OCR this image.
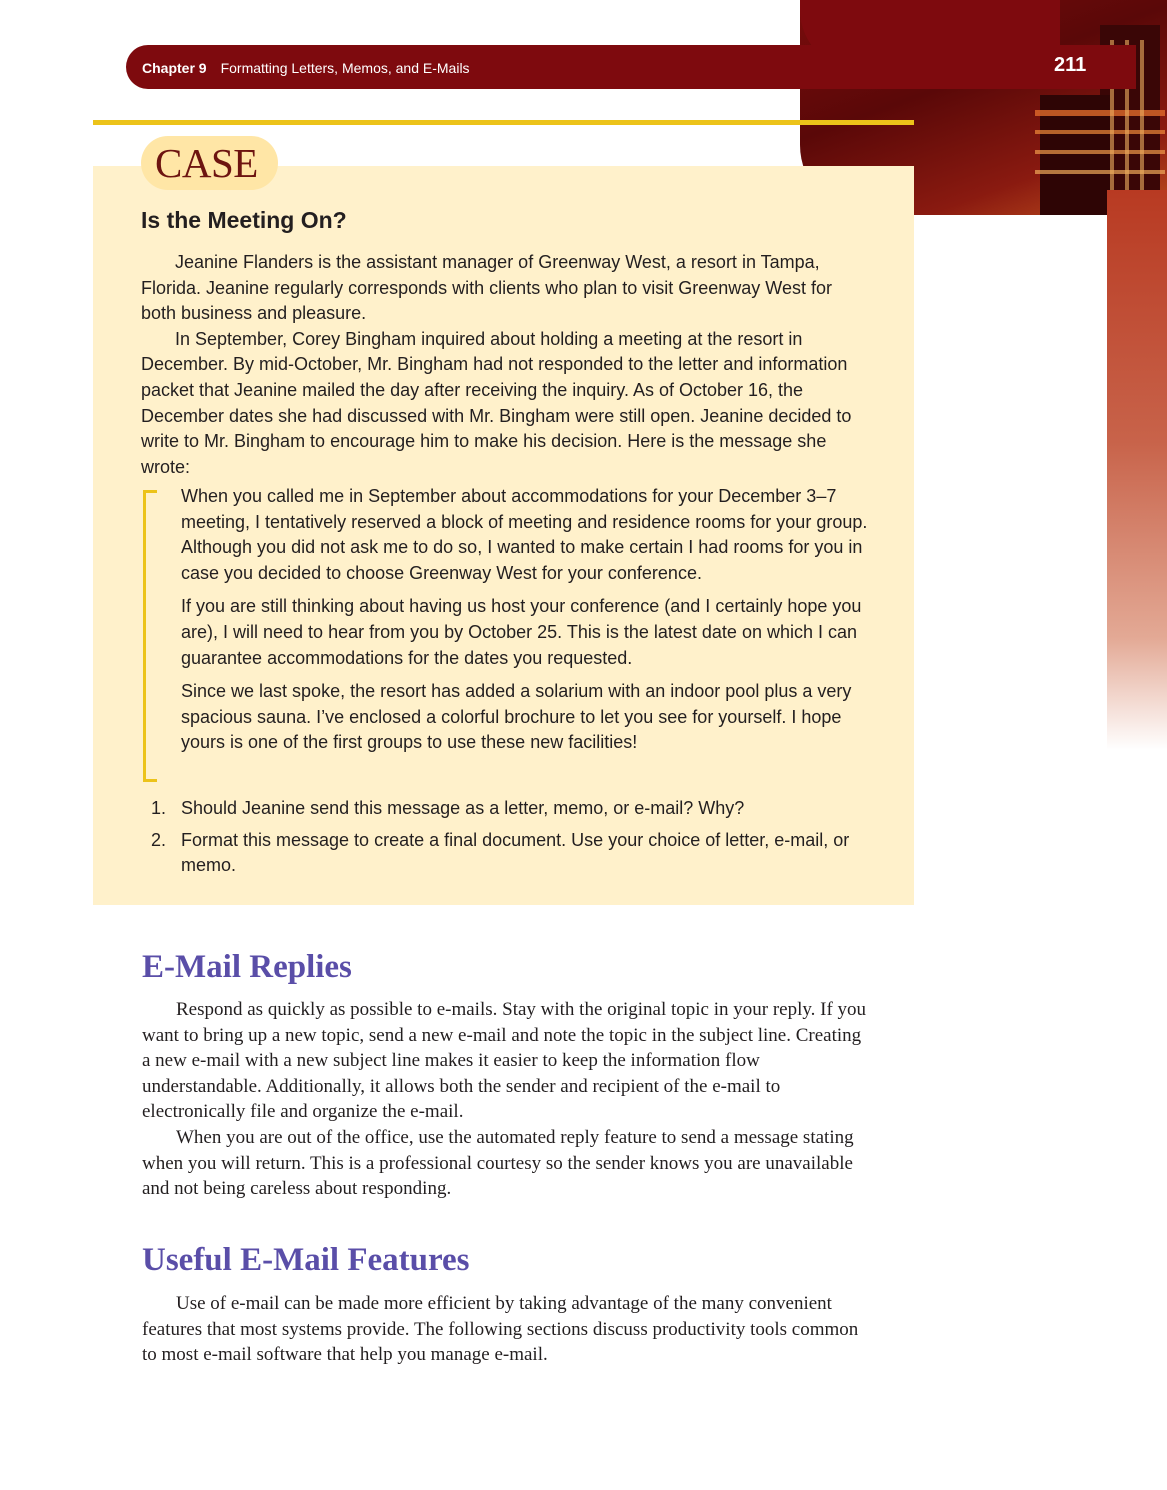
Chapter 9 Formatting Letters, Memos, and E-Mails	211
CASE
Is the Meeting On?

Jeanine Flanders is the assistant manager of Greenway West, a resort in Tampa, Florida. Jeanine regularly corresponds with clients who plan to visit Greenway West for both business and pleasure.

In September, Corey Bingham inquired about holding a meeting at the resort in December. By mid-October, Mr. Bingham had not responded to the letter and information packet that Jeanine mailed the day after receiving the inquiry. As of October 16, the December dates she had discussed with Mr. Bingham were still open. Jeanine decided to write to Mr. Bingham to encourage him to make his decision. Here is the message she wrote:

When you called me in September about accommodations for your December 3–7 meeting, I tentatively reserved a block of meeting and residence rooms for your group. Although you did not ask me to do so, I wanted to make certain I had rooms for you in case you decided to choose Greenway West for your conference.

If you are still thinking about having us host your conference (and I certainly hope you are), I will need to hear from you by October 25. This is the latest date on which I can guarantee accommodations for the dates you requested.

Since we last spoke, the resort has added a solarium with an indoor pool plus a very spacious sauna. I’ve enclosed a colorful brochure to let you see for yourself. I hope yours is one of the first groups to use these new facilities!

1. Should Jeanine send this message as a letter, memo, or e-mail? Why?
2. Format this message to create a final document. Use your choice of letter, e-mail, or memo.
E-Mail Replies

Respond as quickly as possible to e-mails. Stay with the original topic in your reply. If you want to bring up a new topic, send a new e-mail and note the topic in the subject line. Creating a new e-mail with a new subject line makes it easier to keep the information flow understandable. Additionally, it allows both the sender and recipient of the e-mail to electronically file and organize the e-mail.

When you are out of the office, use the automated reply feature to send a message stating when you will return. This is a professional courtesy so the sender knows you are unavailable and not being careless about responding.

Useful E-Mail Features

Use of e-mail can be made more efficient by taking advantage of the many convenient features that most systems provide. The following sections discuss productivity tools common to most e-mail software that help you manage e-mail.
